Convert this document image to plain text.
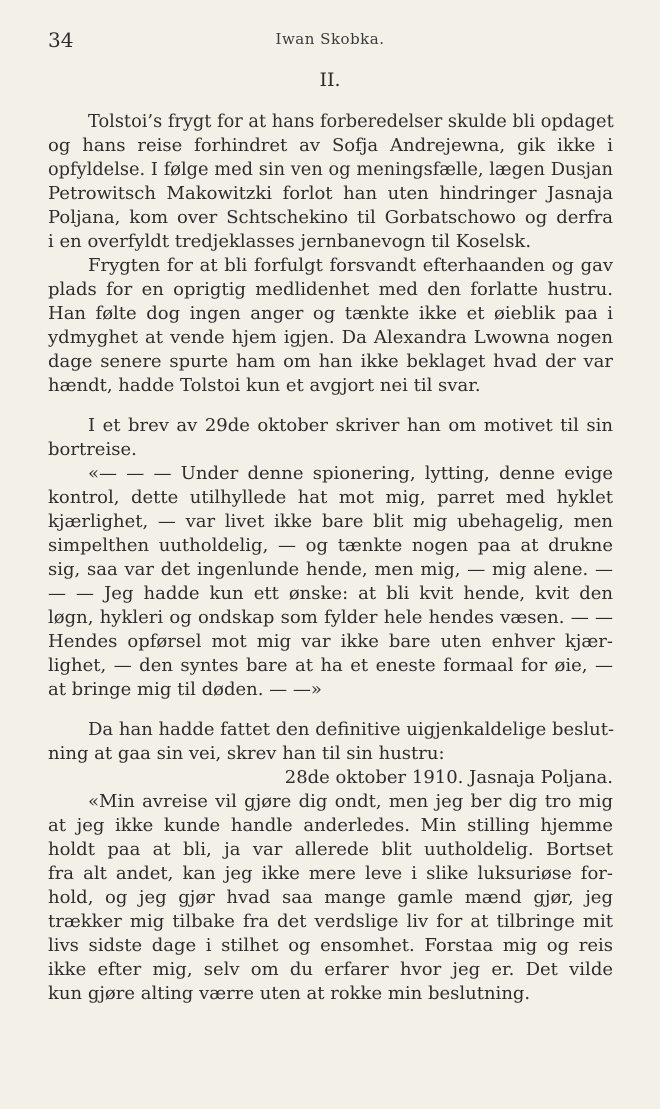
34	Iwan Skobka.
II.
Tolstoi’s frygt for at hans forberedelser skulde bli opdaget
og hans reise forhindret av Sofja Andrejewna, gik ikke i
opfyldelse. I følge med sin ven og meningsfælle, lægen Dusjan
Petrowitsch Makowitzki forlot han uten hindringer Jasnaja
Poljana, kom over Schtschekino til Gorbatschowo og derfra
i en overfyldt tredjeklasses jernbanevogn til Koselsk.
Frygten for at bli forfulgt forsvandt efterhaanden og gav
plads for en oprigtig medlidenhet med den forlatte hustru.
Han følte dog ingen anger og tænkte ikke et øieblik paa i
ydmyghet at vende hjem igjen. Da Alexandra Lwowna nogen
dage senere spurte ham om han ikke beklaget hvad der var
hændt, hadde Tolstoi kun et avgjort nei til svar.
I et brev av 29de oktober skriver han om motivet til sin
bortreise.
«— — — Under denne spionering, lytting, denne evige
kontrol, dette utilhyllede hat mot mig, parret med hyklet
kjærlighet, — var livet ikke bare blit mig ubehagelig, men
simpelthen uutholdelig, — og tænkte nogen paa at drukne
sig, saa var det ingenlunde hende, men mig, — mig alene. —
— — Jeg hadde kun ett ønske: at bli kvit hende, kvit den
løgn, hykleri og ondskap som fylder hele hendes væsen. — —
Hendes opførsel mot mig var ikke bare uten enhver kjær-
lighet, — den syntes bare at ha et eneste formaal for øie, —
at bringe mig til døden. — —»
Da han hadde fattet den definitive uigjenkaldelige beslut-
ning at gaa sin vei, skrev han til sin hustru:
28de oktober 1910. Jasnaja Poljana.
«Min avreise vil gjøre dig ondt, men jeg ber dig tro mig
at jeg ikke kunde handle anderledes. Min stilling hjemme
holdt paa at bli, ja var allerede blit uutholdelig. Bortset
fra alt andet, kan jeg ikke mere leve i slike luksuriøse for-
hold, og jeg gjør hvad saa mange gamle mænd gjør, jeg
trækker mig tilbake fra det verdslige liv for at tilbringe mit
livs sidste dage i stilhet og ensomhet. Forstaa mig og reis
ikke efter mig, selv om du erfarer hvor jeg er. Det vilde
kun gjøre alting værre uten at rokke min beslutning.
